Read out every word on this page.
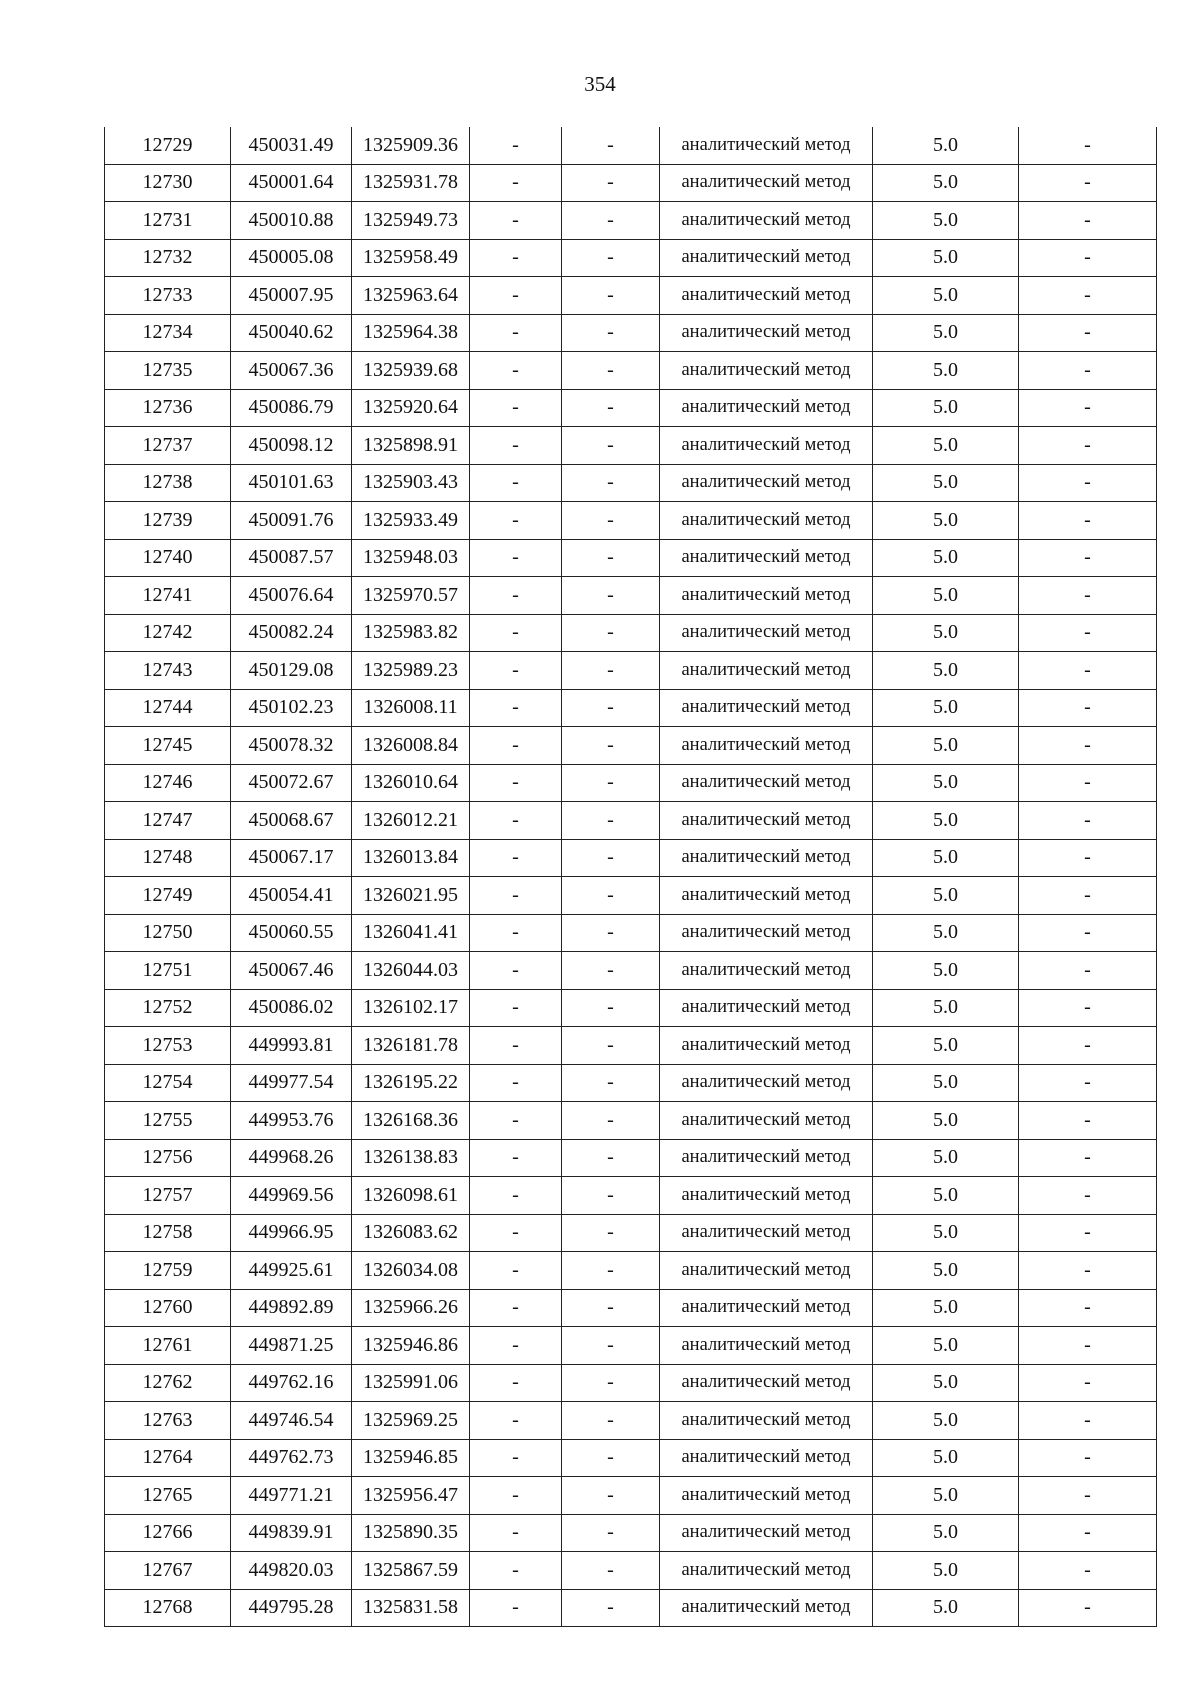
354
12729	450031.49	1325909.36	-	-	аналитический метод	5.0	-
12730	450001.64	1325931.78	-	-	аналитический метод	5.0	-
12731	450010.88	1325949.73	-	-	аналитический метод	5.0	-
12732	450005.08	1325958.49	-	-	аналитический метод	5.0	-
12733	450007.95	1325963.64	-	-	аналитический метод	5.0	-
12734	450040.62	1325964.38	-	-	аналитический метод	5.0	-
12735	450067.36	1325939.68	-	-	аналитический метод	5.0	-
12736	450086.79	1325920.64	-	-	аналитический метод	5.0	-
12737	450098.12	1325898.91	-	-	аналитический метод	5.0	-
12738	450101.63	1325903.43	-	-	аналитический метод	5.0	-
12739	450091.76	1325933.49	-	-	аналитический метод	5.0	-
12740	450087.57	1325948.03	-	-	аналитический метод	5.0	-
12741	450076.64	1325970.57	-	-	аналитический метод	5.0	-
12742	450082.24	1325983.82	-	-	аналитический метод	5.0	-
12743	450129.08	1325989.23	-	-	аналитический метод	5.0	-
12744	450102.23	1326008.11	-	-	аналитический метод	5.0	-
12745	450078.32	1326008.84	-	-	аналитический метод	5.0	-
12746	450072.67	1326010.64	-	-	аналитический метод	5.0	-
12747	450068.67	1326012.21	-	-	аналитический метод	5.0	-
12748	450067.17	1326013.84	-	-	аналитический метод	5.0	-
12749	450054.41	1326021.95	-	-	аналитический метод	5.0	-
12750	450060.55	1326041.41	-	-	аналитический метод	5.0	-
12751	450067.46	1326044.03	-	-	аналитический метод	5.0	-
12752	450086.02	1326102.17	-	-	аналитический метод	5.0	-
12753	449993.81	1326181.78	-	-	аналитический метод	5.0	-
12754	449977.54	1326195.22	-	-	аналитический метод	5.0	-
12755	449953.76	1326168.36	-	-	аналитический метод	5.0	-
12756	449968.26	1326138.83	-	-	аналитический метод	5.0	-
12757	449969.56	1326098.61	-	-	аналитический метод	5.0	-
12758	449966.95	1326083.62	-	-	аналитический метод	5.0	-
12759	449925.61	1326034.08	-	-	аналитический метод	5.0	-
12760	449892.89	1325966.26	-	-	аналитический метод	5.0	-
12761	449871.25	1325946.86	-	-	аналитический метод	5.0	-
12762	449762.16	1325991.06	-	-	аналитический метод	5.0	-
12763	449746.54	1325969.25	-	-	аналитический метод	5.0	-
12764	449762.73	1325946.85	-	-	аналитический метод	5.0	-
12765	449771.21	1325956.47	-	-	аналитический метод	5.0	-
12766	449839.91	1325890.35	-	-	аналитический метод	5.0	-
12767	449820.03	1325867.59	-	-	аналитический метод	5.0	-
12768	449795.28	1325831.58	-	-	аналитический метод	5.0	-
